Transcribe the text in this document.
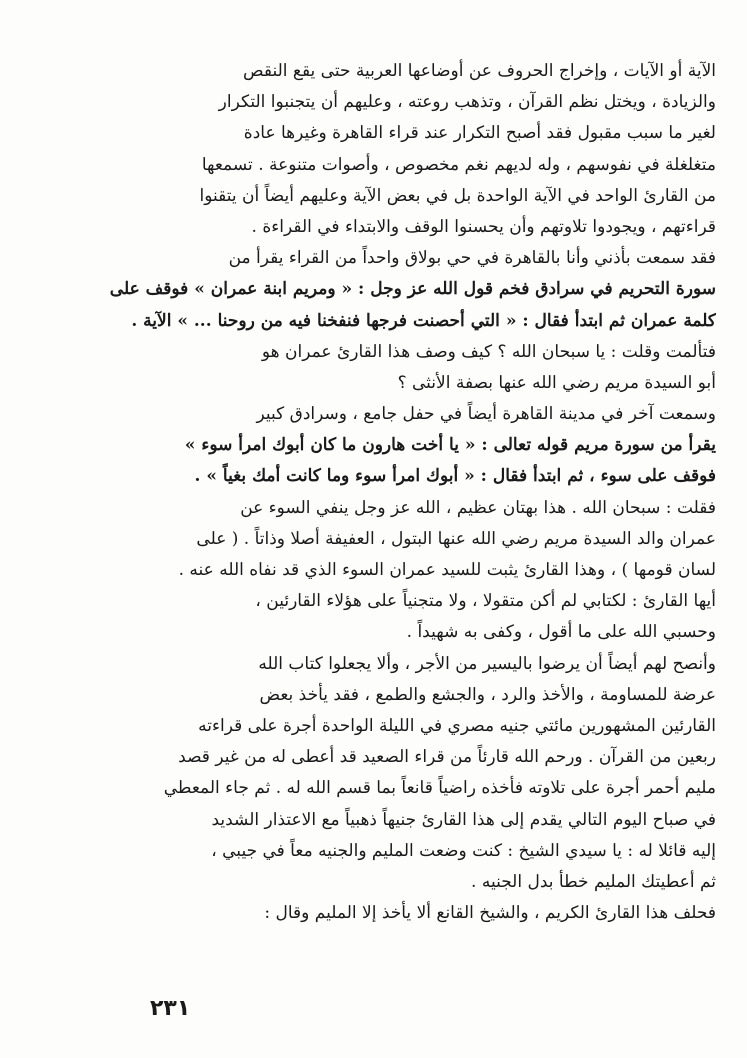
الآية أو الآيات ، وإخراج الحروف عن أوضاعها العربية حتى يقع النقص
والزيادة ، ويختل نظم القرآن ، وتذهب روعته ، وعليهم أن يتجنبوا التكرار
لغير ما سبب مقبول فقد أصبح التكرار عند قراء القاهرة وغيرها عادة
متغلغلة في نفوسهم ، وله لديهم نغم مخصوص ، وأصوات متنوعة . تسمعها
من القارئ الواحد في الآية الواحدة بل في بعض الآية وعليهم أيضاً أن يتقنوا
قراءتهم ، ويجودوا تلاوتهم وأن يحسنوا الوقف والابتداء في القراءة .
فقد سمعت بأذني وأنا بالقاهرة في حي بولاق واحداً من القراء يقرأ من
سورة التحريم في سرادق فخم قول الله عز وجل : « ومريم ابنة عمران » فوقف على
كلمة عمران ثم ابتدأ فقال : « التي أحصنت فرجها فنفخنا فيه من روحنا ... » الآية .
فتألمت وقلت : يا سبحان الله ؟ كيف وصف هذا القارئ عمران هو
أبو السيدة مريم رضي الله عنها بصفة الأنثى ؟
وسمعت آخر في مدينة القاهرة أيضاً في حفل جامع ، وسرادق كبير
يقرأ من سورة مريم قوله تعالى : « يا أخت هارون ما كان أبوك امرأ سوء »
فوقف على سوء ، ثم ابتدأ فقال : « أبوك امرأ سوء وما كانت أمك بغياً » .
فقلت : سبحان الله . هذا بهتان عظيم ، الله عز وجل ينفي السوء عن
عمران والد السيدة مريم رضي الله عنها البتول ، العفيفة أصلا وذاتاً . ( على
لسان قومها ) ، وهذا القارئ يثبت للسيد عمران السوء الذي قد نفاه الله عنه .
أيها القارئ : لكتابي لم أكن متقولا ، ولا متجنياً على هؤلاء القارئين ،
وحسبي الله على ما أقول ، وكفى به شهيداً .
وأنصح لهم أيضاً أن يرضوا باليسير من الأجر ، وألا يجعلوا كتاب الله
عرضة للمساومة ، والأخذ والرد ، والجشع والطمع ، فقد يأخذ بعض
القارئين المشهورين مائتي جنيه مصري في الليلة الواحدة أجرة على قراءته
ربعين من القرآن . ورحم الله قارئاً من قراء الصعيد قد أعطى له من غير قصد
مليم أحمر أجرة على تلاوته فأخذه راضياً قانعاً بما قسم الله له . ثم جاء المعطي
في صباح اليوم التالي يقدم إلى هذا القارئ جنيهاً ذهبياً مع الاعتذار الشديد
إليه قائلا له : يا سيدي الشيخ : كنت وضعت المليم والجنيه معاً في جيبي ،
ثم أعطيتك المليم خطأ بدل الجنيه .
فحلف هذا القارئ الكريم ، والشيخ القانع ألا يأخذ إلا المليم وقال :
٢٣١
